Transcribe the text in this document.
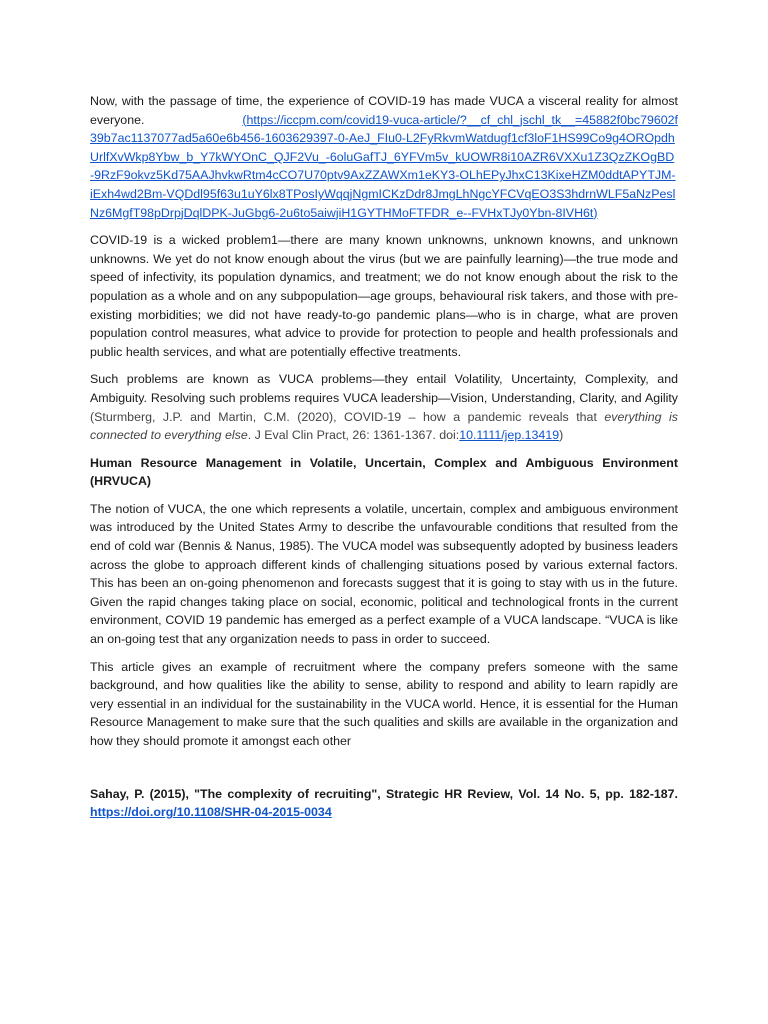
Now, with the passage of time, the experience of COVID-19 has made VUCA a visceral reality for almost everyone.	(https://iccpm.com/covid19-vuca-article/?__cf_chl_jschl_tk__=45882f0bc79602f39b7ac1137077ad5a60e6b456-1603629397-0-AeJ_FIu0-L2FyRkvmWatdugf1cf3loF1HS99Co9g4OROpdhUrlfXvWkp8Ybw_b_Y7kWYOnC_QJF2Vu_-6oluGafTJ_6YFVm5v_kUOWR8i10AZR6VXXu1Z3QzZKOgBD-9RzF9okvz5Kd75AAJhvkwRtm4cCO7U70ptv9AxZZAWXm1eKY3-OLhEPyJhxC13KixeHZM0ddtAPYTJM-iExh4wd2Bm-VQDdl95f63u1uY6lx8TPosIyWqqjNgmICKzDdr8JmgLhNgcYFCVqEO3S3hdrnWLF5aNzPeslNz6MgfT98pDrpjDqlDPK-JuGbg6-2u6to5aiwjiH1GYTHMoFTFDR_e--FVHxTJy0Ybn-8IVH6t)

COVID-19 is a wicked problem1—there are many known unknowns, unknown knowns, and unknown unknowns. We yet do not know enough about the virus (but we are painfully learning)—the true mode and speed of infectivity, its population dynamics, and treatment; we do not know enough about the risk to the population as a whole and on any subpopulation—age groups, behavioural risk takers, and those with pre-existing morbidities; we did not have ready-to-go pandemic plans—who is in charge, what are proven population control measures, what advice to provide for protection to people and health professionals and public health services, and what are potentially effective treatments.

Such problems are known as VUCA problems—they entail Volatility, Uncertainty, Complexity, and Ambiguity. Resolving such problems requires VUCA leadership—Vision, Understanding, Clarity, and Agility (Sturmberg, J.P. and Martin, C.M. (2020), COVID‐19 – how a pandemic reveals that everything is connected to everything else. J Eval Clin Pract, 26: 1361-1367. doi:10.1111/jep.13419)

Human Resource Management in Volatile, Uncertain, Complex and Ambiguous Environment (HRVUCA)

The notion of VUCA, the one which represents a volatile, uncertain, complex and ambiguous environment was introduced by the United States Army to describe the unfavourable conditions that resulted from the end of cold war (Bennis & Nanus, 1985). The VUCA model was subsequently adopted by business leaders across the globe to approach different kinds of challenging situations posed by various external factors. This has been an on-going phenomenon and forecasts suggest that it is going to stay with us in the future. Given the rapid changes taking place on social, economic, political and technological fronts in the current environment, COVID 19 pandemic has emerged as a perfect example of a VUCA landscape. “VUCA is like an on-going test that any organization needs to pass in order to succeed.

This article gives an example of recruitment where the company prefers someone with the same background, and how qualities like the ability to sense, ability to respond and ability to learn rapidly are very essential in an individual for the sustainability in the VUCA world. Hence, it is essential for the Human Resource Management to make sure that the such qualities and skills are available in the organization and how they should promote it amongst each other

Sahay, P. (2015), "The complexity of recruiting", Strategic HR Review, Vol. 14 No. 5, pp. 182-187. https://doi.org/10.1108/SHR-04-2015-0034
